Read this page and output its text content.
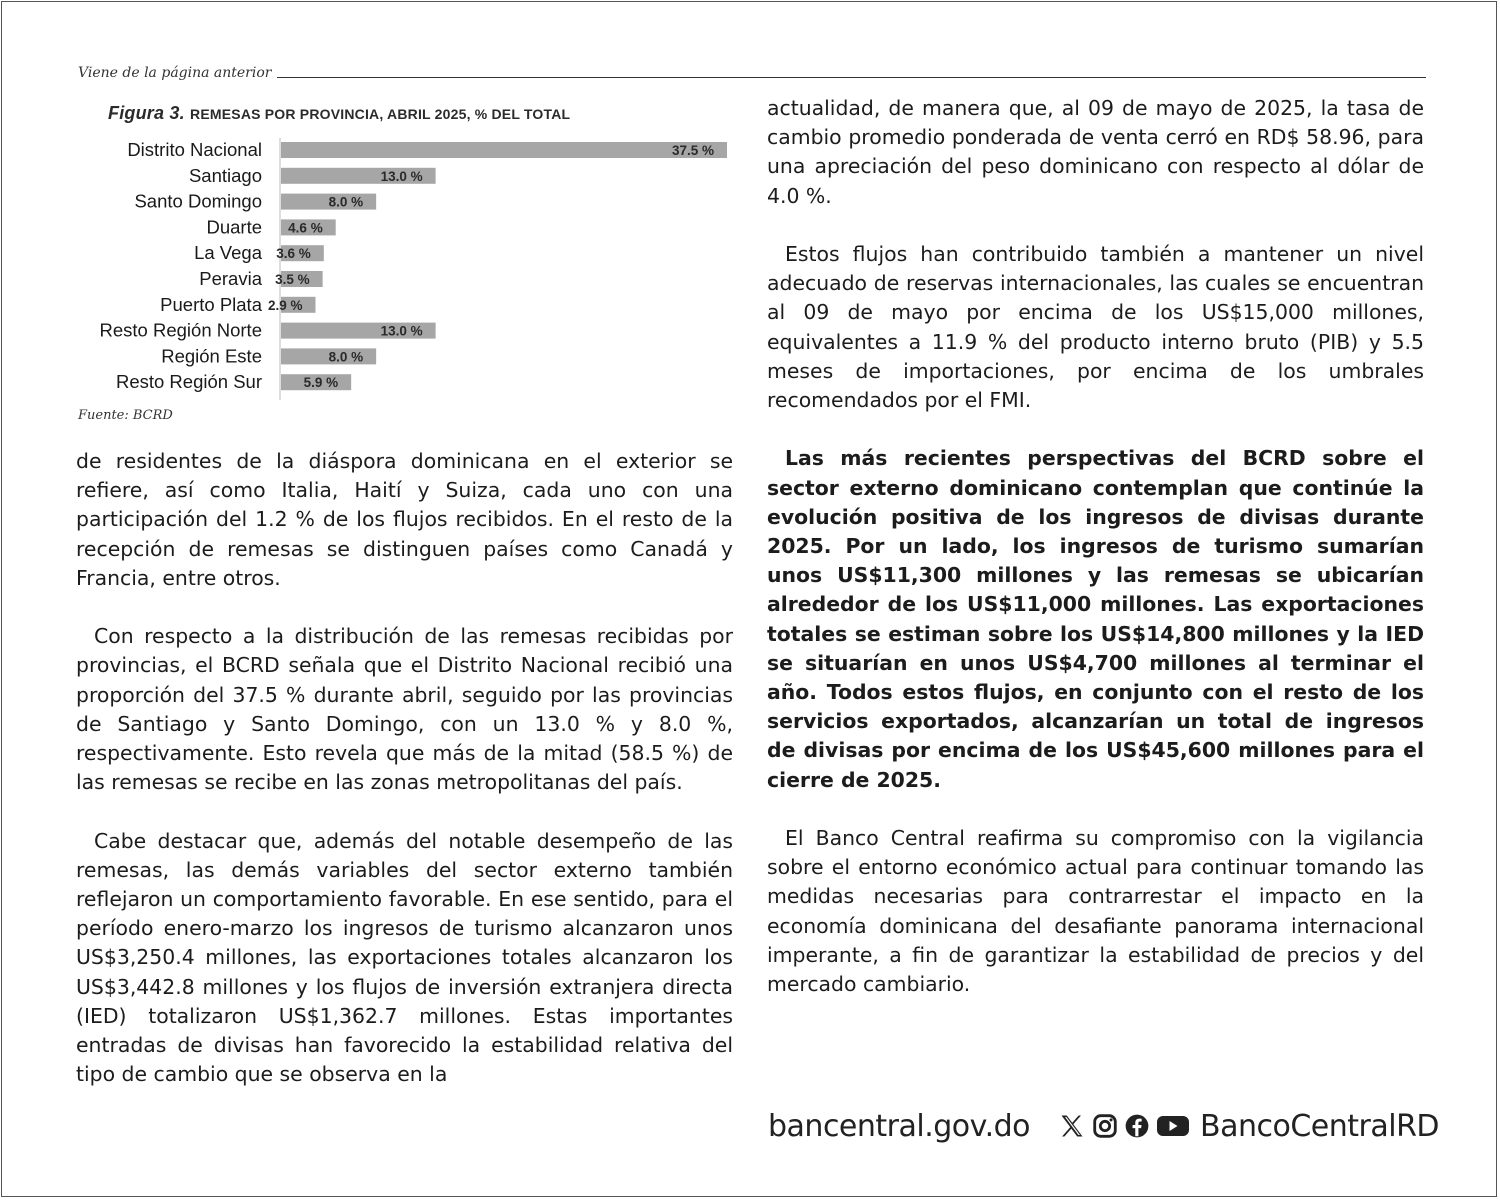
Viene de la página anterior
Figura 3. REMESAS POR PROVINCIA, ABRIL 2025, % DEL TOTAL
Distrito Nacional	37.5 %
Santiago	13.0 %
Santo Domingo	8.0 %
Duarte 4.6 %
La Vega 3.6 %
Peravia 3.5 %
Puerto Plata 2.9 %
Resto Región Norte	13.0 %
Región Este	8.0 %
Resto Región Sur	5.9 %
Fuente: BCRD

de residentes de la diáspora dominicana en el exterior se refiere, así como Italia, Haití y Suiza, cada uno con una participación del 1.2 % de los flujos recibidos. En el resto de la recepción de remesas se distinguen países como Canadá y Francia, entre otros.

Con respecto a la distribución de las remesas recibidas por provincias, el BCRD señala que el Distrito Nacional recibió una proporción del 37.5 % durante abril, seguido por las provincias de Santiago y Santo Domingo, con un 13.0 % y 8.0 %, respectivamente. Esto revela que más de la mitad (58.5 %) de las remesas se recibe en las zonas metropolitanas del país.

Cabe destacar que, además del notable desempeño de las remesas, las demás variables del sector externo también reflejaron un comportamiento favorable. En ese sentido, para el período enero-marzo los ingresos de turismo alcanzaron unos US$3,250.4 millones, las exportaciones totales alcanzaron los US$3,442.8 millones y los flujos de inversión extranjera directa (IED) totalizaron US$1,362.7 millones. Estas importantes entradas de divisas han favorecido la estabilidad relativa del tipo de cambio que se observa en la

actualidad, de manera que, al 09 de mayo de 2025, la tasa de cambio promedio ponderada de venta cerró en RD$ 58.96, para una apreciación del peso dominicano con respecto al dólar de 4.0 %.

Estos flujos han contribuido también a mantener un nivel adecuado de reservas internacionales, las cuales se encuentran al 09 de mayo por encima de los US$15,000 millones, equivalentes a 11.9 % del producto interno bruto (PIB) y 5.5 meses de importaciones, por encima de los umbrales recomendados por el FMI.

Las más recientes perspectivas del BCRD sobre el sector externo dominicano contemplan que continúe la evolución positiva de los ingresos de divisas durante 2025. Por un lado, los ingresos de turismo sumarían unos US$11,300 millones y las remesas se ubicarían alrededor de los US$11,000 millones. Las exportaciones totales se estiman sobre los US$14,800 millones y la IED se situarían en unos US$4,700 millones al terminar el año. Todos estos flujos, en conjunto con el resto de los servicios exportados, alcanzarían un total de ingresos de divisas por encima de los US$45,600 millones para el cierre de 2025.

El Banco Central reafirma su compromiso con la vigilancia sobre el entorno económico actual para continuar tomando las medidas necesarias para contrarrestar el impacto en la economía dominicana del desafiante panorama internacional imperante, a fin de garantizar la estabilidad de precios y del mercado cambiario.

bancentral.gov.do	BancoCentralRD
